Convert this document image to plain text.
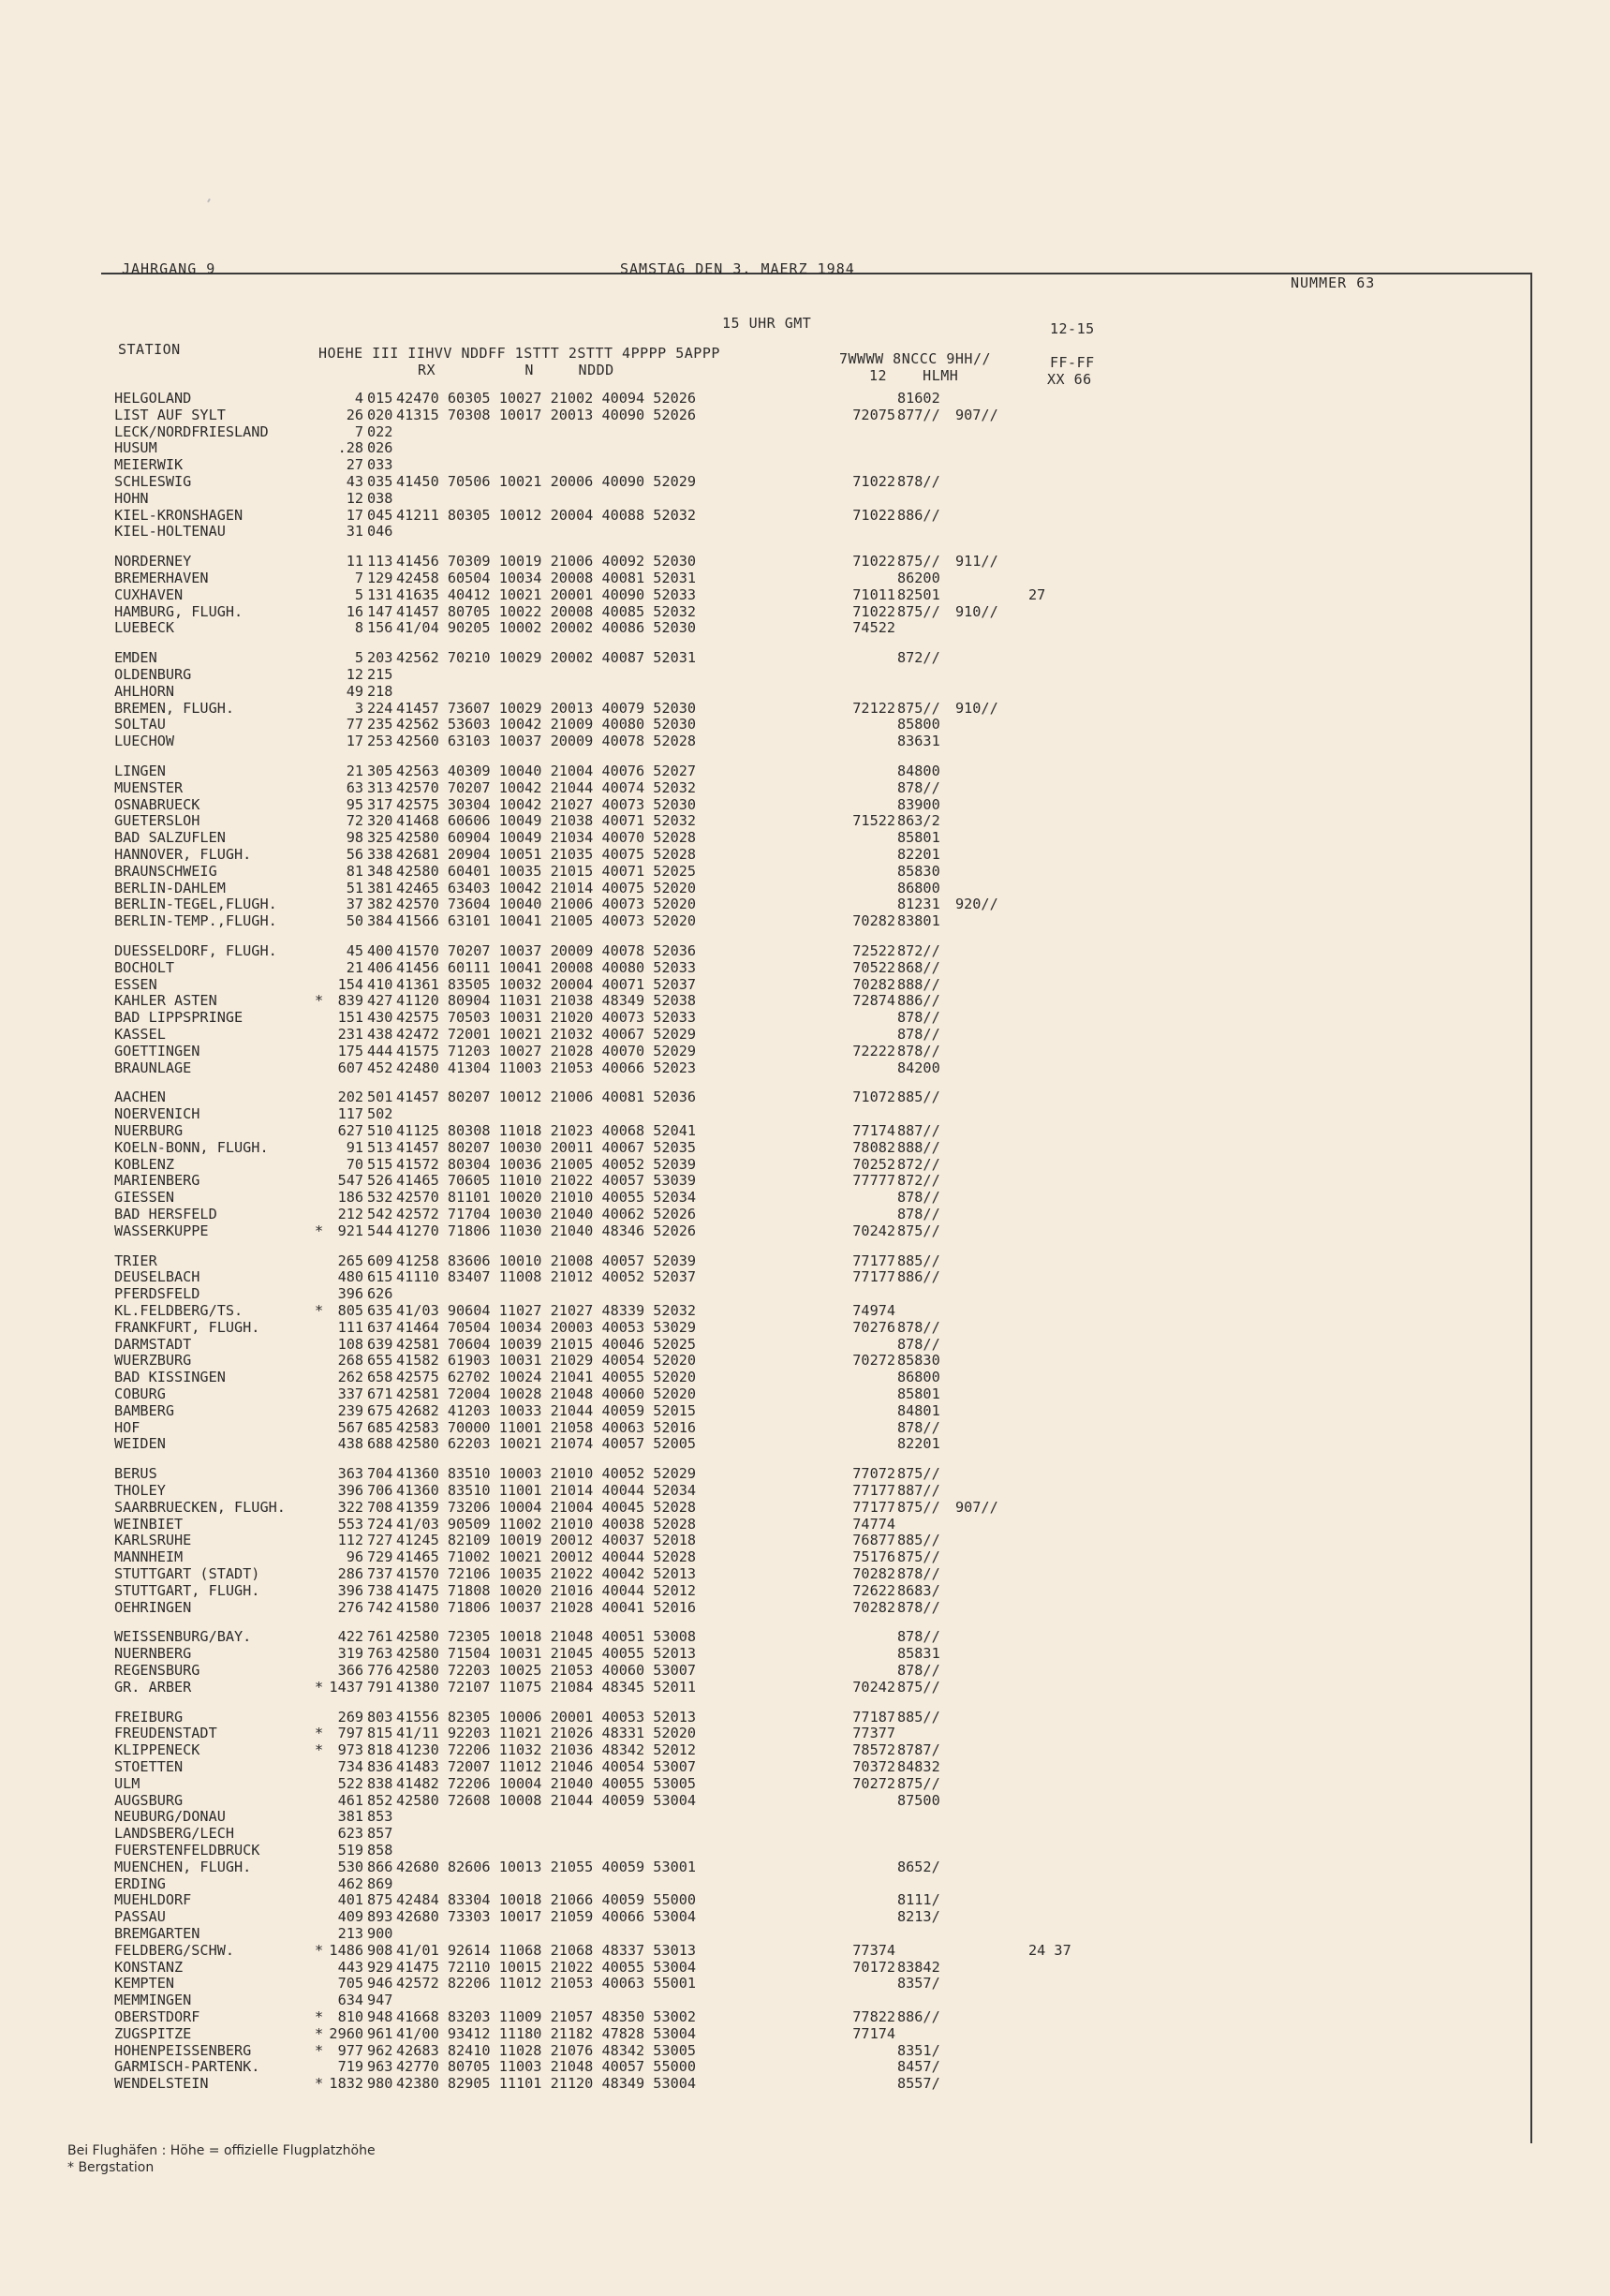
JAHRGANG 9	SAMSTAG DEN 3. MAERZ 1984
NUMMER 63
15 UHR GMT	12-15
STATION	HOEHE III IIHVV NDDFF 1STTT 2STTT 4PPPP 5APPP
RX          N     NDDD
7WWWW 8NCCC 9HH//
12    HLMH
FF-FF
XX 66
HELGOLAND	4 015 42470 60305 10027 21002 40094 52026	81602
LIST AUF SYLT	26 020 41315 70308 10017 20013 40090 52026	72075 877// 907//
LECK/NORDFRIESLAND	7 022
HUSUM	.28 026
MEIERWIK	27 033
SCHLESWIG	43 035 41450 70506 10021 20006 40090 52029	71022 878//
HOHN	12 038
KIEL-KRONSHAGEN	17 045 41211 80305 10012 20004 40088 52032	71022 886//
KIEL-HOLTENAU	31 046
NORDERNEY	11 113 41456 70309 10019 21006 40092 52030	71022 875// 911//
BREMERHAVEN	7 129 42458 60504 10034 20008 40081 52031	86200
CUXHAVEN	5 131 41635 40412 10021 20001 40090 52033	71011 82501	27
HAMBURG, FLUGH.	16 147 41457 80705 10022 20008 40085 52032	71022 875// 910//
LUEBECK	8 156 41/04 90205 10002 20002 40086 52030	74522
EMDEN	5 203 42562 70210 10029 20002 40087 52031	872//
OLDENBURG	12 215
AHLHORN	49 218
BREMEN, FLUGH.	3 224 41457 73607 10029 20013 40079 52030	72122 875// 910//
SOLTAU	77 235 42562 53603 10042 21009 40080 52030	85800
LUECHOW	17 253 42560 63103 10037 20009 40078 52028	83631
LINGEN	21 305 42563 40309 10040 21004 40076 52027	84800
MUENSTER	63 313 42570 70207 10042 21044 40074 52032	878//
OSNABRUECK	95 317 42575 30304 10042 21027 40073 52030	83900
GUETERSLOH	72 320 41468 60606 10049 21038 40071 52032	71522 863/2
BAD SALZUFLEN	98 325 42580 60904 10049 21034 40070 52028	85801
HANNOVER, FLUGH.	56 338 42681 20904 10051 21035 40075 52028	82201
BRAUNSCHWEIG	81 348 42580 60401 10035 21015 40071 52025	85830
BERLIN-DAHLEM	51 381 42465 63403 10042 21014 40075 52020	86800
BERLIN-TEGEL,FLUGH.	37 382 42570 73604 10040 21006 40073 52020	81231 920//
BERLIN-TEMP.,FLUGH.	50 384 41566 63101 10041 21005 40073 52020	70282 83801
DUESSELDORF, FLUGH.	45 400 41570 70207 10037 20009 40078 52036	72522 872//
BOCHOLT	21 406 41456 60111 10041 20008 40080 52033	70522 868//
ESSEN	154 410 41361 83505 10032 20004 40071 52037	70282 888//
KAHLER ASTEN	*	839 427 41120 80904 11031 21038 48349 52038	72874 886//
BAD LIPPSPRINGE	151 430 42575 70503 10031 21020 40073 52033	878//
KASSEL	231 438 42472 72001 10021 21032 40067 52029	878//
GOETTINGEN	175 444 41575 71203 10027 21028 40070 52029	72222 878//
BRAUNLAGE	607 452 42480 41304 11003 21053 40066 52023	84200
AACHEN	202 501 41457 80207 10012 21006 40081 52036	71072 885//
NOERVENICH	117 502
NUERBURG	627 510 41125 80308 11018 21023 40068 52041	77174 887//
KOELN-BONN, FLUGH.	91 513 41457 80207 10030 20011 40067 52035	78082 888//
KOBLENZ	70 515 41572 80304 10036 21005 40052 52039	70252 872//
MARIENBERG	547 526 41465 70605 11010 21022 40057 53039	77777 872//
GIESSEN	186 532 42570 81101 10020 21010 40055 52034	878//
BAD HERSFELD	212 542 42572 71704 10030 21040 40062 52026	878//
WASSERKUPPE	*	921 544 41270 71806 11030 21040 48346 52026	70242 875//
TRIER	265 609 41258 83606 10010 21008 40057 52039	77177 885//
DEUSELBACH	480 615 41110 83407 11008 21012 40052 52037	77177 886//
PFERDSFELD	396 626
KL.FELDBERG/TS.	*	805 635 41/03 90604 11027 21027 48339 52032	74974
FRANKFURT, FLUGH.	111 637 41464 70504 10034 20003 40053 53029	70276 878//
DARMSTADT	108 639 42581 70604 10039 21015 40046 52025	878//
WUERZBURG	268 655 41582 61903 10031 21029 40054 52020	70272 85830
BAD KISSINGEN	262 658 42575 62702 10024 21041 40055 52020	86800
COBURG	337 671 42581 72004 10028 21048 40060 52020	85801
BAMBERG	239 675 42682 41203 10033 21044 40059 52015	84801
HOF	567 685 42583 70000 11001 21058 40063 52016	878//
WEIDEN	438 688 42580 62203 10021 21074 40057 52005	82201
BERUS	363 704 41360 83510 10003 21010 40052 52029	77072 875//
THOLEY	396 706 41360 83510 11001 21014 40044 52034	77177 887//
SAARBRUECKEN, FLUGH.	322 708 41359 73206 10004 21004 40045 52028	77177 875// 907//
WEINBIET	553 724 41/03 90509 11002 21010 40038 52028	74774
KARLSRUHE	112 727 41245 82109 10019 20012 40037 52018	76877 885//
MANNHEIM	96 729 41465 71002 10021 20012 40044 52028	75176 875//
STUTTGART (STADT)	286 737 41570 72106 10035 21022 40042 52013	70282 878//
STUTTGART, FLUGH.	396 738 41475 71808 10020 21016 40044 52012	72622 8683/
OEHRINGEN	276 742 41580 71806 10037 21028 40041 52016	70282 878//
WEISSENBURG/BAY.	422 761 42580 72305 10018 21048 40051 53008	878//
NUERNBERG	319 763 42580 71504 10031 21045 40055 52013	85831
REGENSBURG	366 776 42580 72203 10025 21053 40060 53007	878//
GR. ARBER	* 1437 791 41380 72107 11075 21084 48345 52011	70242 875//
FREIBURG	269 803 41556 82305 10006 20001 40053 52013	77187 885//
FREUDENSTADT	*	797 815 41/11 92203 11021 21026 48331 52020	77377
KLIPPENECK	*	973 818 41230 72206 11032 21036 48342 52012	78572 8787/
STOETTEN	734 836 41483 72007 11012 21046 40054 53007	70372 84832
ULM	522 838 41482 72206 10004 21040 40055 53005	70272 875//
AUGSBURG	461 852 42580 72608 10008 21044 40059 53004	87500
NEUBURG/DONAU	381 853
LANDSBERG/LECH	623 857
FUERSTENFELDBRUCK	519 858
MUENCHEN, FLUGH.	530 866 42680 82606 10013 21055 40059 53001	8652/
ERDING	462 869
MUEHLDORF	401 875 42484 83304 10018 21066 40059 55000	8111/
PASSAU	409 893 42680 73303 10017 21059 40066 53004	8213/
BREMGARTEN	213 900
FELDBERG/SCHW.	* 1486 908 41/01 92614 11068 21068 48337 53013	77374	24 37
KONSTANZ	443 929 41475 72110 10015 21022 40055 53004	70172 83842
KEMPTEN	705 946 42572 82206 11012 21053 40063 55001	8357/
MEMMINGEN	634 947
OBERSTDORF	*	810 948 41668 83203 11009 21057 48350 53002	77822 886//
ZUGSPITZE	* 2960 961 41/00 93412 11180 21182 47828 53004	77174
HOHENPEISSENBERG	*	977 962 42683 82410 11028 21076 48342 53005	8351/
GARMISCH-PARTENK.	719 963 42770 80705 11003 21048 40057 55000	8457/
WENDELSTEIN	* 1832 980 42380 82905 11101 21120 48349 53004	8557/
Bei Flughäfen : Höhe = offizielle Flugplatzhöhe
* Bergstation
